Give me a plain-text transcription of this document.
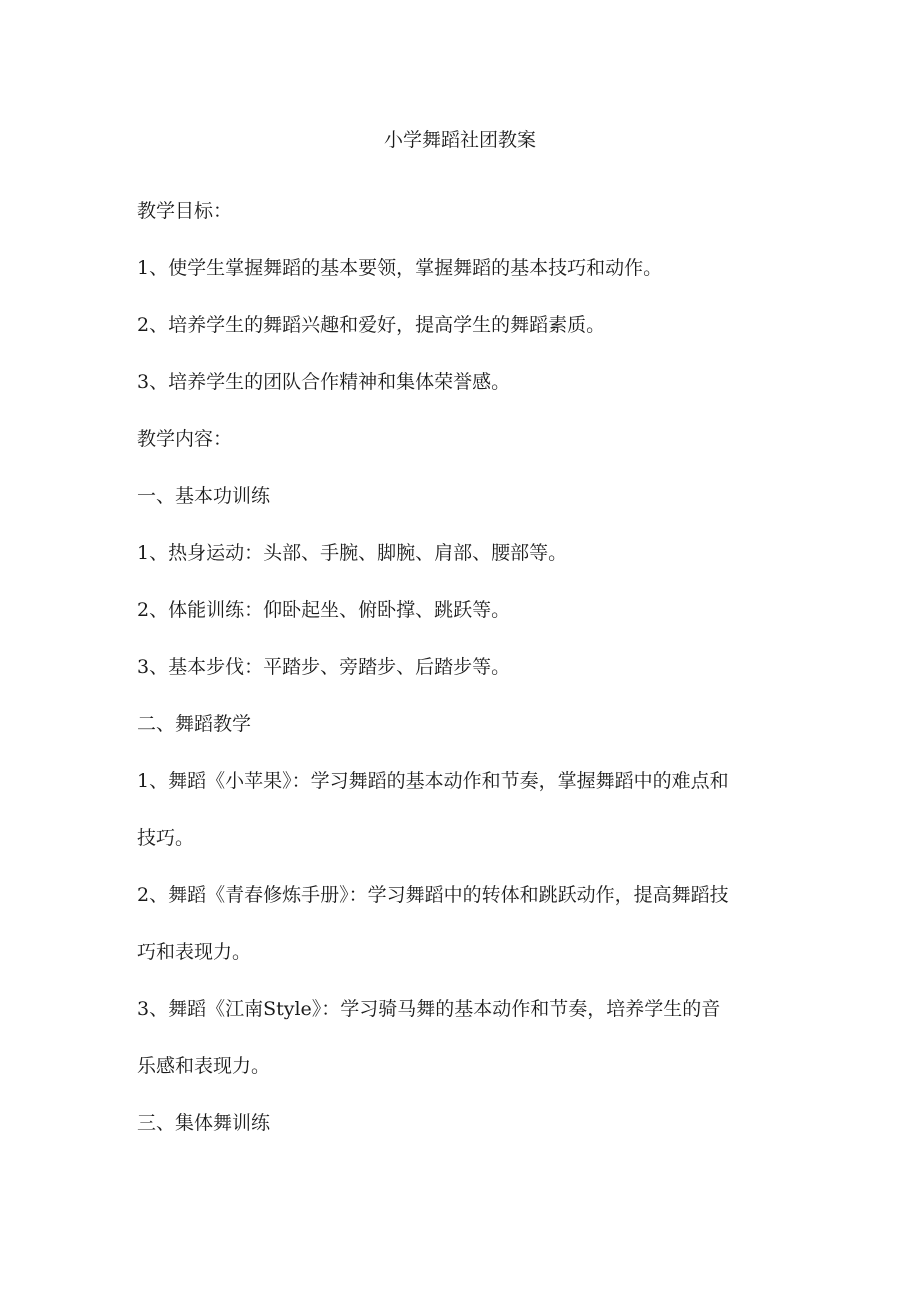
小学舞蹈社团教案

教学目标：

1、使学生掌握舞蹈的基本要领，掌握舞蹈的基本技巧和动作。

2、培养学生的舞蹈兴趣和爱好，提高学生的舞蹈素质。

3、培养学生的团队合作精神和集体荣誉感。

教学内容：

一、基本功训练

1、热身运动：头部、手腕、脚腕、肩部、腰部等。

2、体能训练：仰卧起坐、俯卧撑、跳跃等。

3、基本步伐：平踏步、旁踏步、后踏步等。

二、舞蹈教学

1、舞蹈《小苹果》：学习舞蹈的基本动作和节奏，掌握舞蹈中的难点和

技巧。

2、舞蹈《青春修炼手册》：学习舞蹈中的转体和跳跃动作，提高舞蹈技

巧和表现力。

3、舞蹈《江南Style》：学习骑马舞的基本动作和节奏，培养学生的音

乐感和表现力。

三、集体舞训练
